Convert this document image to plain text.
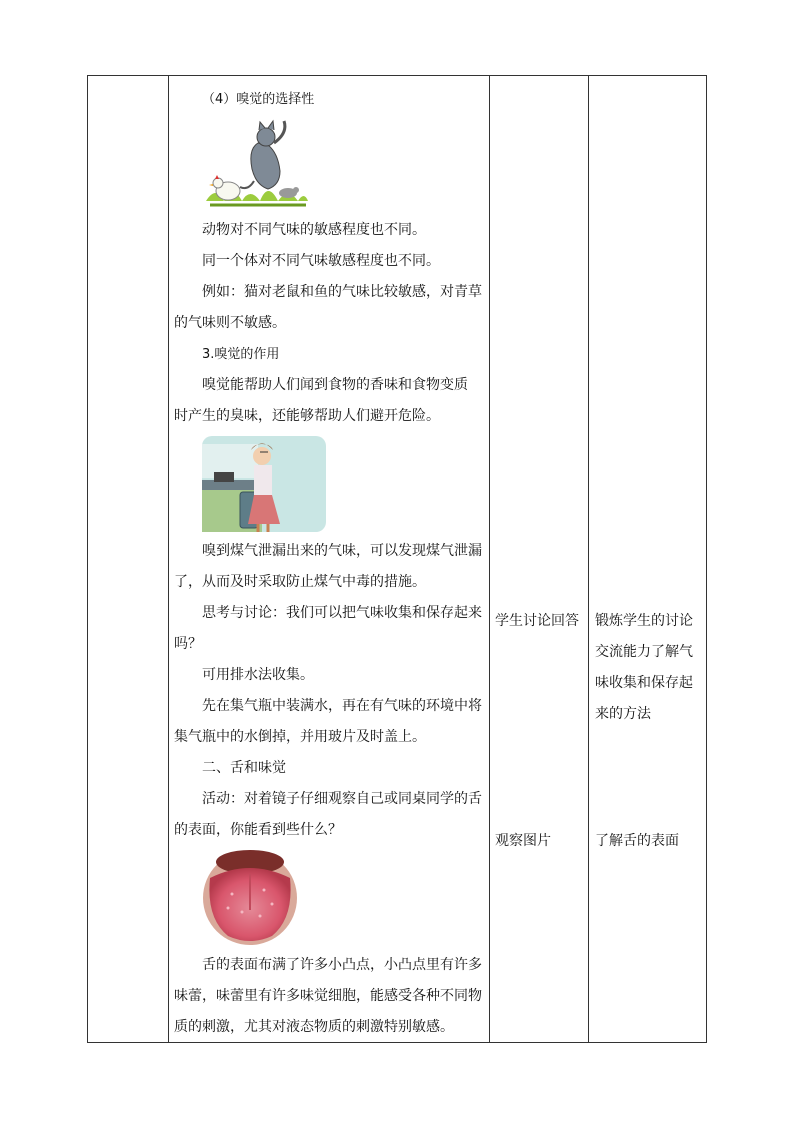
（4）嗅觉的选择性

动物对不同气味的敏感程度也不同。

同一个体对不同气味敏感程度也不同。

例如：猫对老鼠和鱼的气味比较敏感，对青草

的气味则不敏感。

3.嗅觉的作用

嗅觉能帮助人们闻到食物的香味和食物变质

时产生的臭味，还能够帮助人们避开危险。

嗅到煤气泄漏出来的气味，可以发现煤气泄漏

了，从而及时采取防止煤气中毒的措施。

思考与讨论：我们可以把气味收集和保存起来

吗？

可用排水法收集。

先在集气瓶中装满水，再在有气味的环境中将

集气瓶中的水倒掉，并用玻片及时盖上。

二、舌和味觉

活动：对着镜子仔细观察自己或同桌同学的舌

的表面，你能看到些什么？

舌的表面布满了许多小凸点，小凸点里有许多

味蕾，味蕾里有许多味觉细胞，能感受各种不同物

质的刺激，尤其对液态物质的刺激特别敏感。

学生讨论回答	锻炼学生的讨论交流能力了解气味收集和保存起来的方法
观察图片	了解舌的表面
